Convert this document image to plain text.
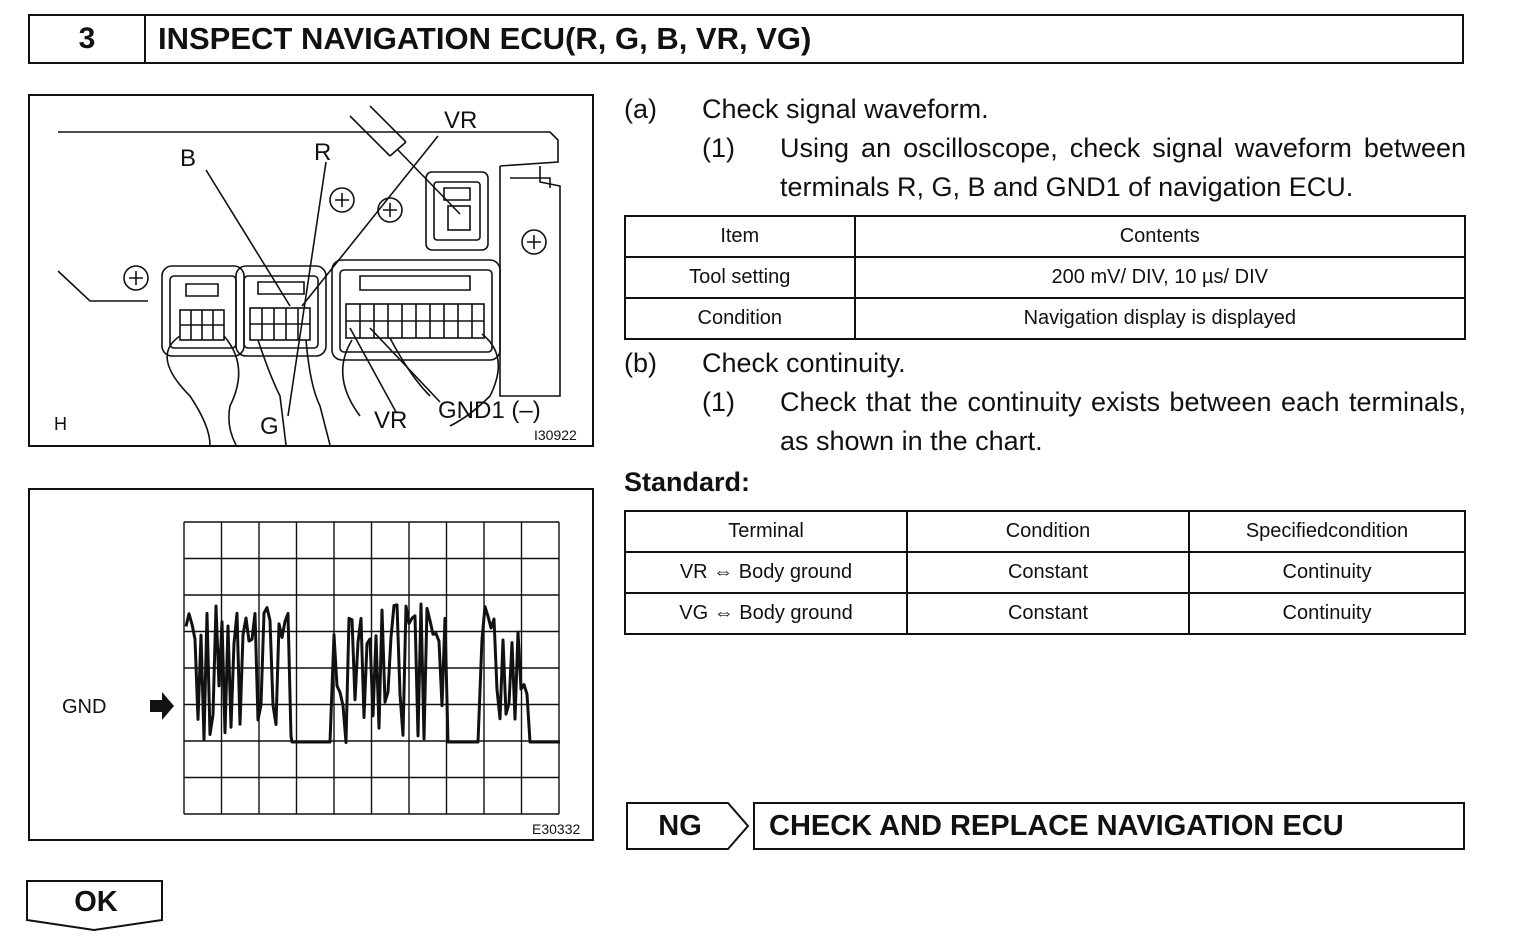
3	INSPECT NAVIGATION ECU(R, G, B, VR, VG)
VR
B	R
G	VR GND1 (–)
H
I30922
GND
E30332
(a)	Check signal waveform.
(1)	Using an oscilloscope, check signal waveform between terminals R, G, B and GND1 of navigation ECU.
Item	Contents
Tool setting	200 mV/ DIV, 10 µs/ DIV
Condition	Navigation display is displayed
(b)	Check continuity.
(1)	Check that the continuity exists between each terminals, as shown in the chart.
Standard:
Terminal	Condition	Specifiedcondition
VR ⇔ Body ground	Constant	Continuity
VG ⇔ Body ground	Constant	Continuity
NG	CHECK AND REPLACE NAVIGATION ECU
OK
